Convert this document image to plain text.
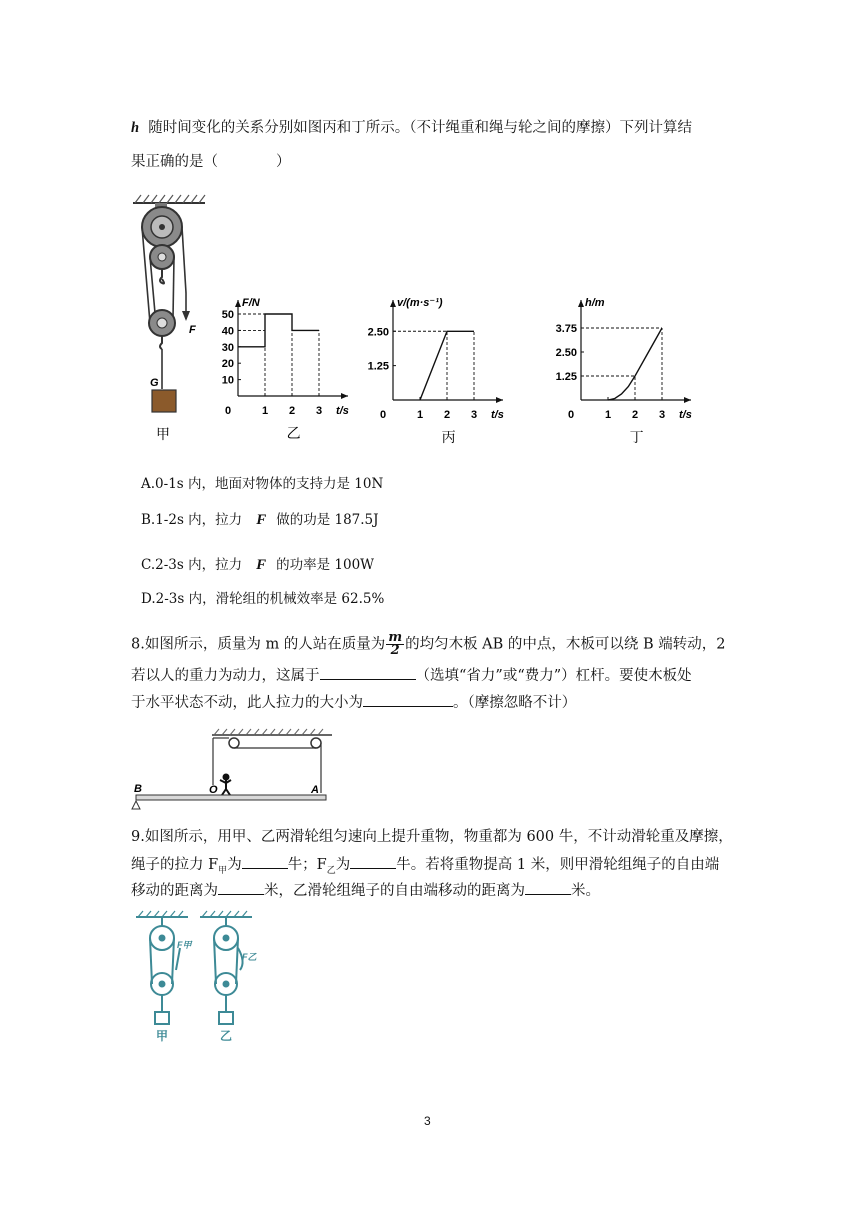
h 随时间变化的关系分别如图丙和丁所示。（不计绳重和绳与轮之间的摩擦）下列计算结
果正确的是（　　　　）
F
G
甲
F/N
t/s
0	1 2 3
10
20
30
40
50
乙
v/(m·s⁻¹)
t/s
0	1 2 3
1.25
2.50
丙
h/m
t/s
0	1 2 3
1.25
2.50
3.75
丁
A.0-1s 内，地面对物体的支持力是 10N
B.1-2s 内，拉力 F 做的功是 187.5J
C.2-3s 内，拉力 F 的功率是 100W
D.2-3s 内，滑轮组的机械效率是 62.5%
8.如图所示，质量为 m 的人站在质量为 $\frac{m}{2}$ 的均匀木板 AB 的中点，木板可以绕 B 端转动，2
若以人的重力为动力，这属于	（选填“省力”或“费力”）杠杆。要使木板处
于水平状态不动，此人拉力的大小为	。（摩擦忽略不计）
B	O	A
9.如图所示，用甲、乙两滑轮组匀速向上提升重物，物重都为 600 牛，不计动滑轮重及摩擦，
绳子的拉力 $F_甲$为	牛；$F_乙$为	牛。若将重物提高 1 米，则甲滑轮组绳子的自由端
移动的距离为	米，乙滑轮组绳子的自由端移动的距离为	米。
F甲
F乙
甲	乙
3
